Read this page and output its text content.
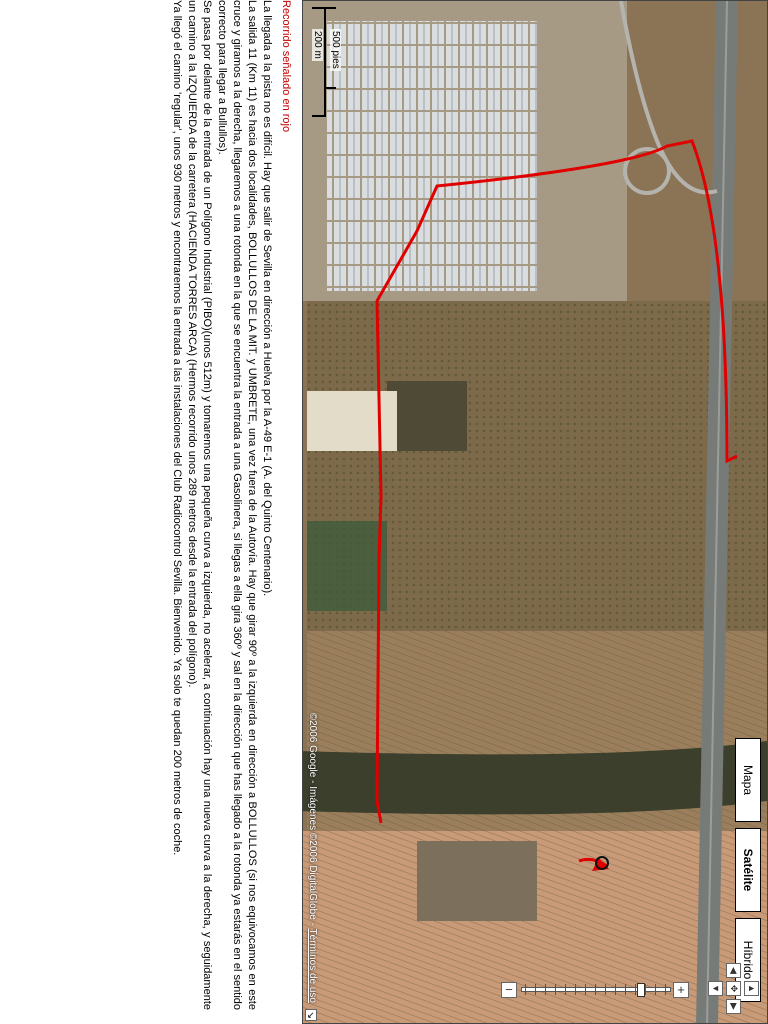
Mapa
Satélite
Híbrido
▲
◀
✥
▶
▼
+
−
500 pies
200 m
©2006 Google - Imágenes ©2006 DigitalGlobe - Términos de uso
↘
Recorrido señalado en rojo

La llegada a la pista no es difícil. Hay que salir de Sevilla en dirección a Huelva por la A-49 E-1 (A. del Quinto Centenario).

La salida 11 (Km 11) es hacia dos localidades, BOLLULLOS DE LA MIT. y UMBRETE, una vez fuera de la Autovía. Hay que girar 90º a la izquierda en dirección a BOLLULLOS (si nos equivocamos en este cruce y giramos a la derecha, llegaremos a una rotonda en la que se encuentra la entrada a una Gasolinera, si llegas a ella gira 360º y sal en la dirección que has llegado a la rotonda ya estarás en el sentido correcto para llegar a Bullullos).

Se pasa por delante de la entrada de un Polígono Industrial (PIBO)(unos 512m) y tomaremos una pequeña curva a izquierda, no acelerar, a continuación hay una nueva curva a la derecha, y seguidamente un camino a la IZQUIERDA de la carretera (HACIENDA TORRES ARCA) (Hermos recorrido unos 289 metros desde la entrada del polígono).

Ya llegó el camino 'regular', unos 930 metros y encontraremos la entrada a las instalaciones del Club Radiocontrol Sevilla. Bienvenido. Ya solo te quedan 200 metros de coche.
